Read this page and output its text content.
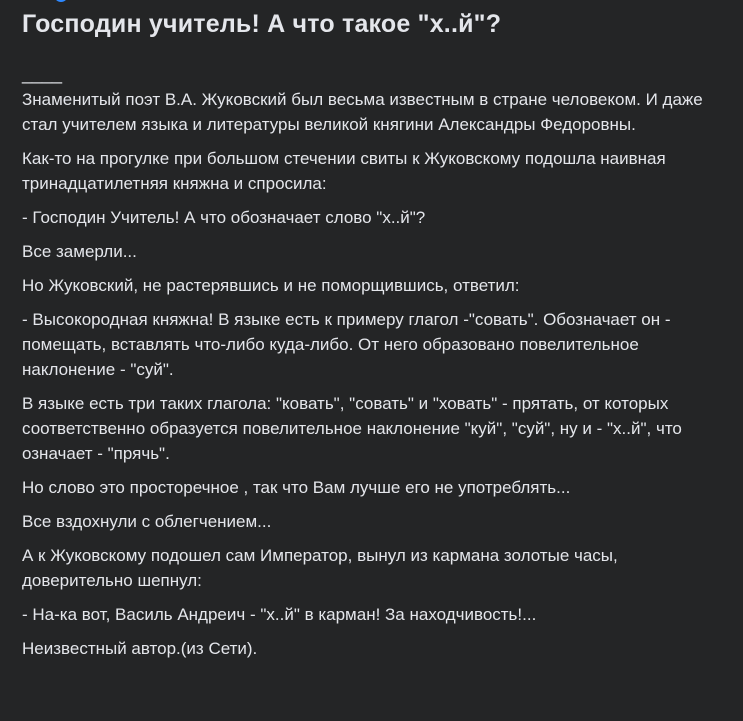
Господин учитель! А что такое "х..й"?
____

Знаменитый поэт В.А. Жуковский был весьма известным в стране человеком. И даже стал учителем языка и литературы великой княгини Александры Федоровны.

Как-то на прогулке при большом стечении свиты к Жуковскому подошла наивная тринадцатилетняя княжна и спросила:

- Господин Учитель! А что обозначает слово "х..й"?

Все замерли...

Но Жуковский, не растерявшись и не поморщившись, ответил:

- Высокородная княжна! В языке есть к примеру глагол -"совать". Обозначает он - помещать, вставлять что-либо куда-либо. От него образовано повелительное наклонение - "суй".

В языке есть три таких глагола: "ковать", "совать" и "ховать" - прятать, от которых соответственно образуется повелительное наклонение "куй", "суй", ну и - "х..й", что означает - "прячь".

Но слово это просторечное , так что Вам лучше его не употреблять...

Все вздохнули с облегчением...

А к Жуковскому подошел сам Император, вынул из кармана золотые часы, доверительно шепнул:

- На-ка вот, Василь Андреич - "х..й" в карман! За находчивость!...

Неизвестный автор.(из Сети).
